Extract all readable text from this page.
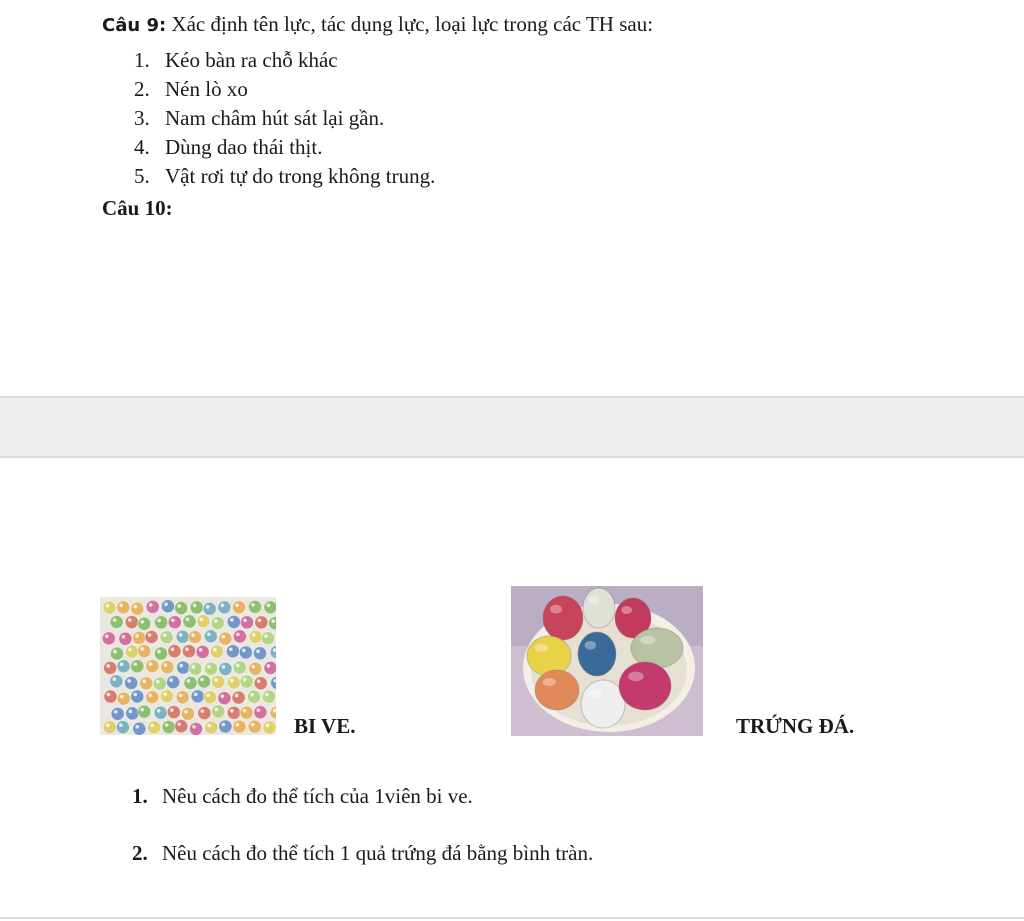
Câu 9: Xác định tên lực, tác dụng lực, loại lực trong các TH sau:
1. Kéo bàn ra chỗ khác
2. Nén lò xo
3. Nam châm hút sát lại gần.
4. Dùng dao thái thịt.
5. Vật rơi tự do trong không trung.
Câu 10:
BI VE.	TRỨNG ĐÁ.
1. Nêu cách đo thể tích của 1viên bi ve.
2. Nêu cách đo thể tích 1 quả trứng đá bằng bình tràn.
